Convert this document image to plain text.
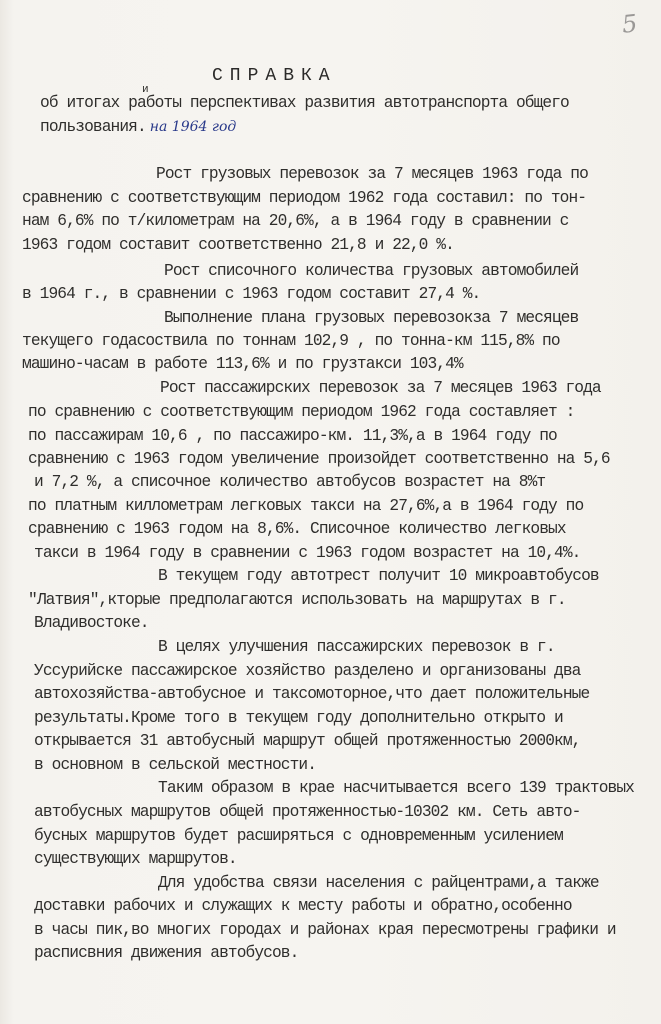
5
СПРАВКА
и
об итогах работы перспективах развития автотранспорта общего
пользования. на 1964 год
Рост грузовых перевозок за 7 месяцев 1963 года по
сравнению с соответствующим периодом 1962 года составил: по тон-
нам 6,6% по т/километрам на 20,6%, а в 1964 году в сравнении с
1963 годом составит соответственно 21,8 и 22,0 %.
Рост списочного количества грузовых автомобилей
в 1964 г., в сравнении с 1963 годом составит 27,4 %.
Выполнение плана грузовых перевозокза 7 месяцев
текущего годасоствила по тоннам 102,9 , по тонна-км 115,8% по
машино-часам в работе 113,6% и по грузтакси 103,4%
Рост пассажирских перевозок за 7 месяцев 1963 года
по сравнению с соответствующим периодом 1962 года составляет :
по пассажирам 10,6 , по пассажиро-км. 11,3%,а в 1964 году по
сравнению с 1963 годом увеличение произойдет соответственно на 5,6
и 7,2 %, а списочное количество автобусов возрастет на 8%т
по платным киллометрам легковых такси на 27,6%,а в 1964 году по
сравнению с 1963 годом на 8,6%. Списочное количество легковых
такси в 1964 году в сравнении с 1963 годом возрастет на 10,4%.
В текущем году автотрест получит 10 микроавтобусов
"Латвия",кторые предполагаются использовать на маршрутах в г.
Владивостоке.
В целях улучшения пассажирских перевозок в г.
Уссурийске пассажирское хозяйство разделено и организованы два
автохозяйства-автобусное и таксомоторное,что дает положительные
результаты.Кроме того в текущем году дополнительно открыто и
открывается 31 автобусный маршрут общей протяженностью 2000км,
в основном в сельской местности.
Таким образом в крае насчитывается всего 139 трактовых
автобусных маршрутов общей протяженностью-10302 км. Сеть авто-
бусных маршрутов будет расширяться с одновременным усилением
существующих маршрутов.
Для удобства связи населения с райцентрами,а также
доставки рабочих и служащих к месту работы и обратно,особенно
в часы пик,во многих городах и районах края пересмотрены графики и
расписвния движения автобусов.
